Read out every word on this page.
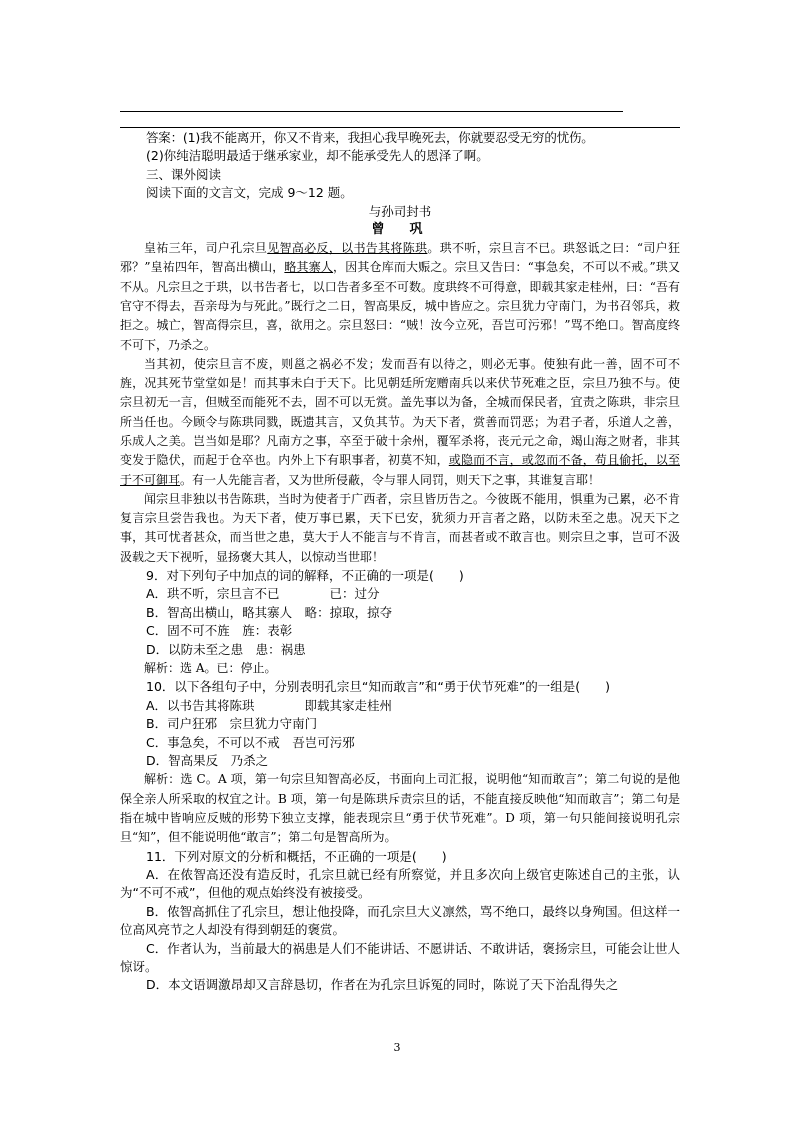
答案：(1)我不能离开，你又不肯来，我担心我早晚死去，你就要忍受无穷的忧伤。

(2)你纯洁聪明最适于继承家业，却不能承受先人的恩泽了啊。

三、课外阅读

阅读下面的文言文，完成 9～12 题。

与孙司封书

曾　巩

皇祐三年，司户孔宗旦见智高必反，以书告其将陈珙。珙不听，宗旦言不已。珙怒诋之曰：“司户狂邪？”皇祐四年，智高出横山，略其寨人，因其仓库而大赈之。宗旦又告曰：“事急矣，不可以不戒。”珙又不从。凡宗旦之于珙，以书告者七，以口告者多至不可数。度珙终不可得意，即载其家走桂州，曰：“吾有官守不得去，吾亲母为与死此。”既行之二日，智高果反，城中皆应之。宗旦犹力守南门，为书召邻兵，救拒之。城亡，智高得宗旦，喜，欲用之。宗旦怒曰：“贼！汝今立死，吾岂可污邪！”骂不绝口。智高度终不可下，乃杀之。

当其初，使宗旦言不废，则邕之祸必不发；发而吾有以待之，则必无事。使独有此一善，固不可不旌，况其死节堂堂如是！而其事未白于天下。比见朝廷所宠赠南兵以来伏节死难之臣，宗旦乃独不与。使宗旦初无一言，但贼至而能死不去，固不可以无赏。盖先事以为备，全城而保民者，宜责之陈珙，非宗旦所当任也。今顾令与陈珙同戮，既遗其言，又负其节。为天下者，赏善而罚恶；为君子者，乐道人之善，乐成人之美。岂当如是耶？凡南方之事，卒至于破十余州，覆军杀将，丧元元之命，竭山海之财者，非其变发于隐伏，而起于仓卒也。内外上下有职事者，初莫不知，或隐而不言，或忽而不备，苟且偷托，以至于不可御耳。有一人先能言者，又为世所侵蔽，令与罪人同罚，则天下之事，其谁复言耶！

闻宗旦非独以书告陈珙，当时为使者于广西者，宗旦皆历告之。今彼既不能用，惧重为己累，必不肯复言宗旦尝告我也。为天下者，使万事已累，天下已安，犹须力开言者之路，以防未至之患。况天下之事，其可忧者甚众，而当世之患，莫大于人不能言与不肯言，而甚者或不敢言也。则宗旦之事，岂可不汲汲载之天下视听，显扬褒大其人，以惊动当世耶！

9．对下列句子中加点的词的解释，不正确的一项是(　　)

A．珙不听，宗旦言不已　　　　已：过分

B．智高出横山，略其寨人　略：掠取，掠夺

C．固不可不旌　旌：表彰

D．以防未至之患　患：祸患

解析：选 A。已：停止。

10．以下各组句子中，分别表明孔宗旦“知而敢言”和“勇于伏节死难”的一组是(　　)

A．以书告其将陈珙　　　　即载其家走桂州

B．司户狂邪　宗旦犹力守南门

C．事急矣，不可以不戒　吾岂可污邪

D．智高果反　乃杀之

解析：选 C。A 项，第一句宗旦知智高必反，书面向上司汇报，说明他“知而敢言”；第二句说的是他保全亲人所采取的权宜之计。B 项，第一句是陈珙斥责宗旦的话，不能直接反映他“知而敢言”；第二句是指在城中皆响应反贼的形势下独立支撑，能表现宗旦“勇于伏节死难”。D 项，第一句只能间接说明孔宗旦“知”，但不能说明他“敢言”；第二句是智高所为。

11．下列对原文的分析和概括，不正确的一项是(　　)

A．在侬智高还没有造反时，孔宗旦就已经有所察觉，并且多次向上级官吏陈述自己的主张，认为“不可不戒”，但他的观点始终没有被接受。

B．侬智高抓住了孔宗旦，想让他投降，而孔宗旦大义凛然，骂不绝口，最终以身殉国。但这样一位高风亮节之人却没有得到朝廷的褒赏。

C．作者认为，当前最大的祸患是人们不能讲话、不愿讲话、不敢讲话，褒扬宗旦，可能会让世人惊讶。

D．本文语调激昂却又言辞恳切，作者在为孔宗旦诉冤的同时，陈说了天下治乱得失之

3
